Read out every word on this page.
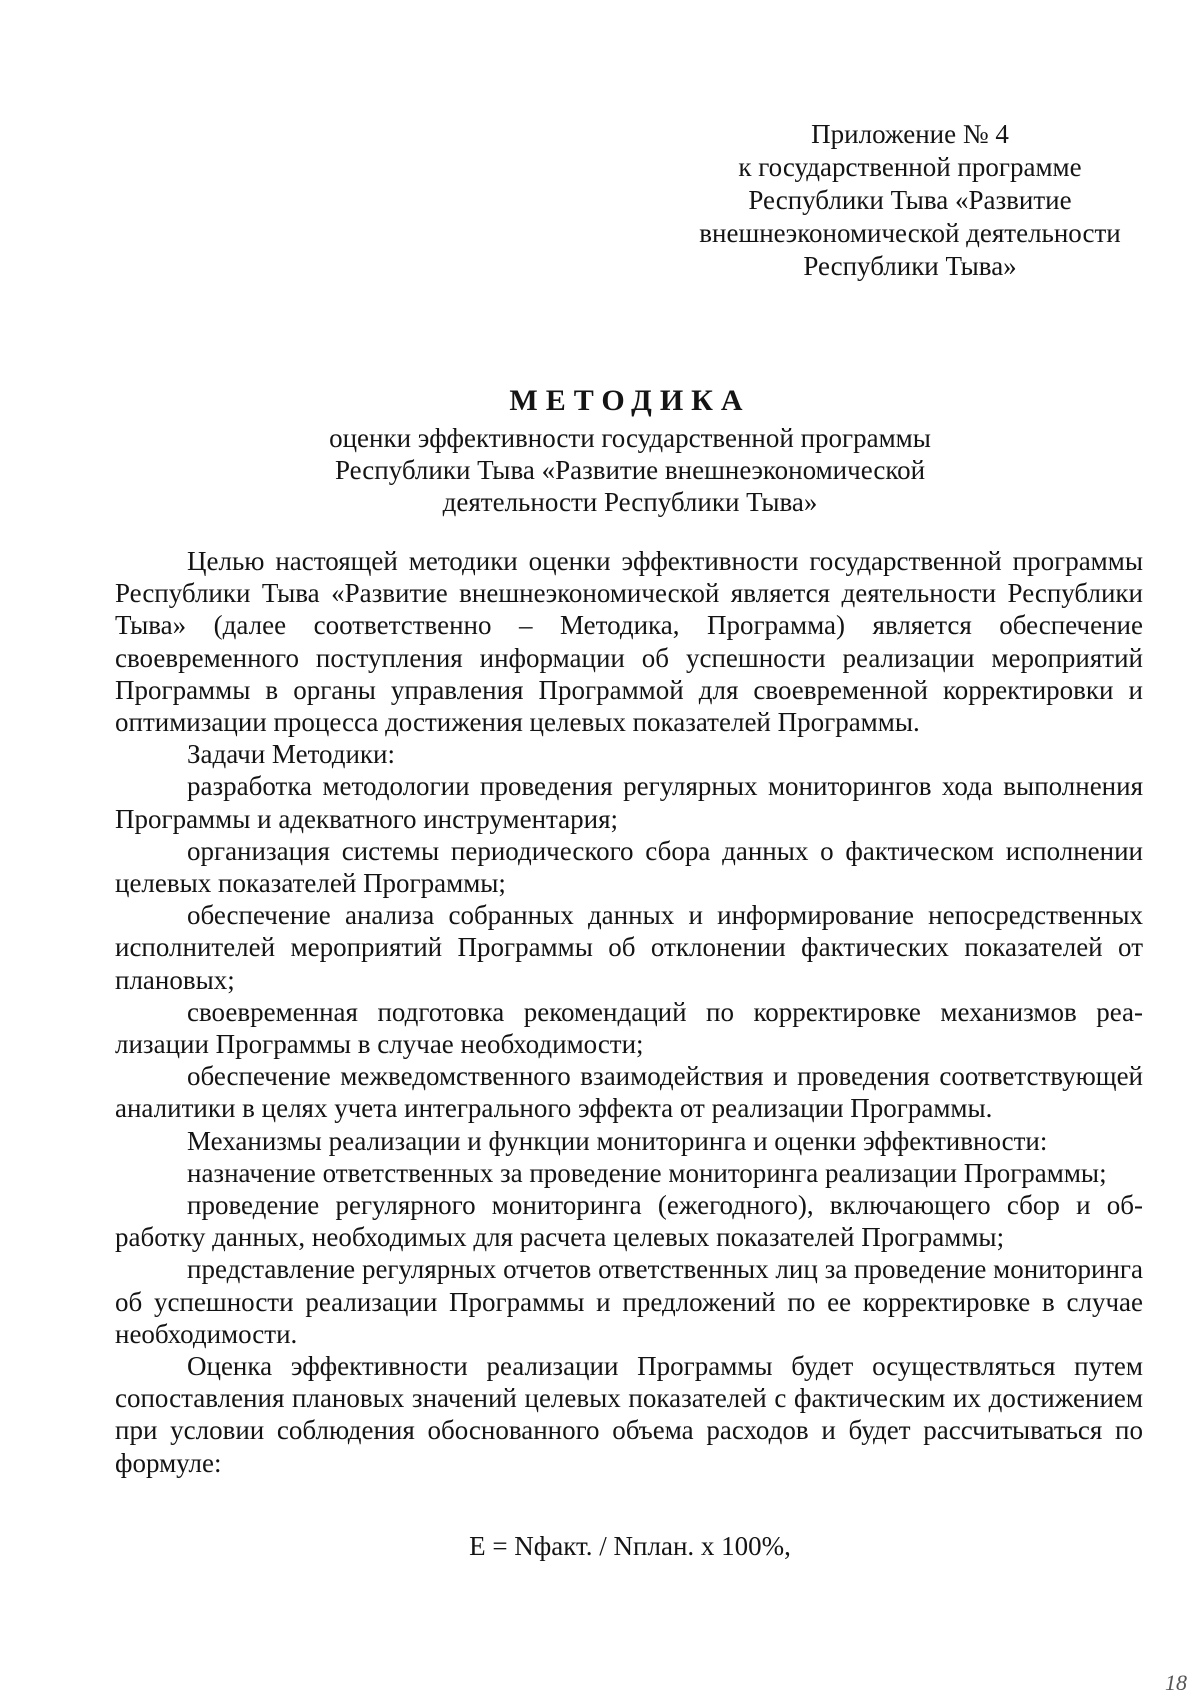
Приложение № 4
к государственной программе
Республики Тыва «Развитие
внешнеэкономической деятельности
Республики Тыва»
МЕТОДИКА
оценки эффективности государственной программы
Республики Тыва «Развитие внешнеэкономической
деятельности Республики Тыва»

Целью настоящей методики оценки эффективности государственной программы Республики Тыва «Развитие внешнеэкономической является деятельности Республики Тыва» (далее соответственно – Методика, Программа) является обеспечение своевременного поступления информации об успешности реализации мероприятий Программы в органы управления Программой для своевременной корректировки и оптимизации процесса достижения целевых показателей Программы.

Задачи Методики:

разработка методологии проведения регулярных мониторингов хода выполнения Программы и адекватного инструментария;

организация системы периодического сбора данных о фактическом исполнении целевых показателей Программы;

обеспечение анализа собранных данных и информирование непосредственных исполнителей мероприятий Программы об отклонении фактических показателей от плановых;

своевременная подготовка рекомендаций по корректировке механизмов реализации Программы в случае необходимости;

обеспечение межведомственного взаимодействия и проведения соответствующей аналитики в целях учета интегрального эффекта от реализации Программы.

Механизмы реализации и функции мониторинга и оценки эффективности:

назначение ответственных за проведение мониторинга реализации Программы;

проведение регулярного мониторинга (ежегодного), включающего сбор и обработку данных, необходимых для расчета целевых показателей Программы;

представление регулярных отчетов ответственных лиц за проведение мониторинга об успешности реализации Программы и предложений по ее корректировке в случае необходимости.

Оценка эффективности реализации Программы будет осуществляться путем сопоставления плановых значений целевых показателей с фактическим их достижением при условии соблюдения обоснованного объема расходов и будет рассчитываться по формуле:

E = Nфакт. / Nплан. х 100%,
18
